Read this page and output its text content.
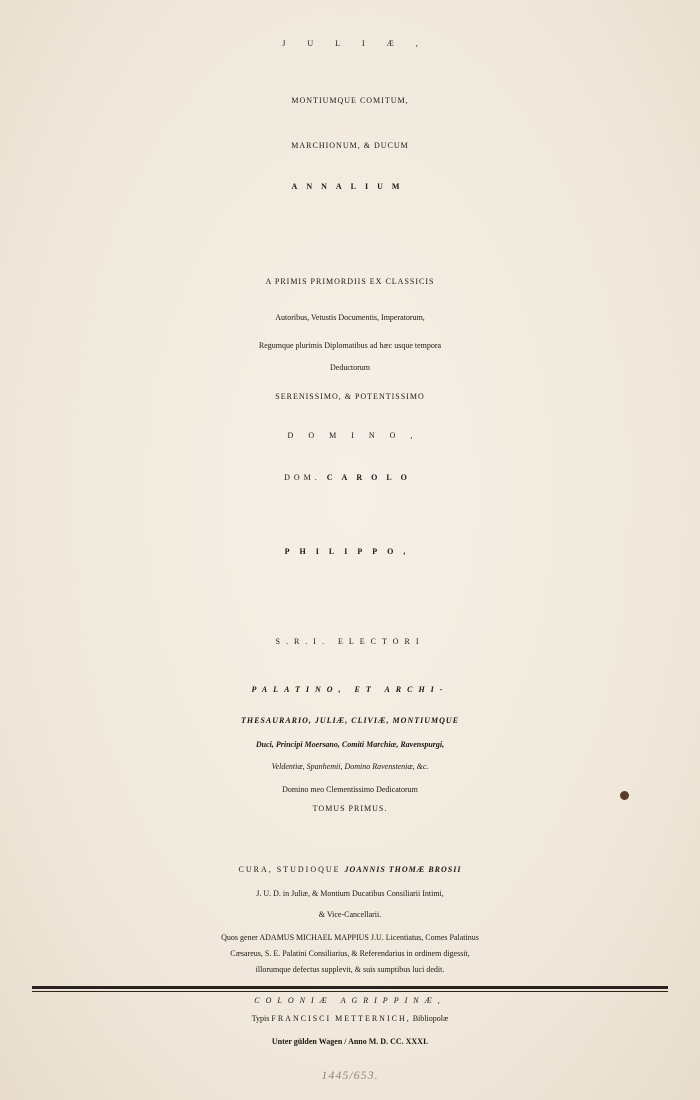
JULIÆ,
MONTIUMQUE COMITUM,
MARCHIONUM, & DUCUM
ANNALIUM
A PRIMIS PRIMORDIIS EX CLASSICIS
Autoribus, Vetustis Documentis, Imperatorum,
Regumque plurimis Diplomatibus ad hæc usque tempora
Deductorum
SERENISSIMO, & POTENTISSIMO
DOMINO,
DOM. CAROLO
PHILIPPO,
S.R.I. ELECTORI
PALATINO, ET ARCHI-
THESAURARIO, JULIÆ, CLIVIÆ, MONTIUMQUE
Duci, Principi Moersano, Comiti Marchiæ, Ravenspurgi,
Veldentiæ, Spanhemii, Domino Ravensteniæ, &c.
Domino meo Clementissimo Dedicatorum
TOMUS PRIMUS.
CURA, STUDIOQUE JOANNIS THOMÆ BROSII
J. U. D. in Juliæ, & Montium Ducatibus Consiliarii Intimi,
& Vice-Cancellarii.
Quos gener ADAMUS MICHAEL MAPPIUS J.U. Licentiatus, Comes Palatinus
Cæsareus, S. E. Palatini Consiliarius, & Referendarius in ordinem digessit,
illorumque defectus supplevit, & suis sumptibus luci dedit.
COLONIÆ AGRIPPINÆ,
Typis FRANCISCI METTERNICH, Bibliopolæ
Unter gülden Wagen / Anno M. D. CC. XXXI.
1445/653.
